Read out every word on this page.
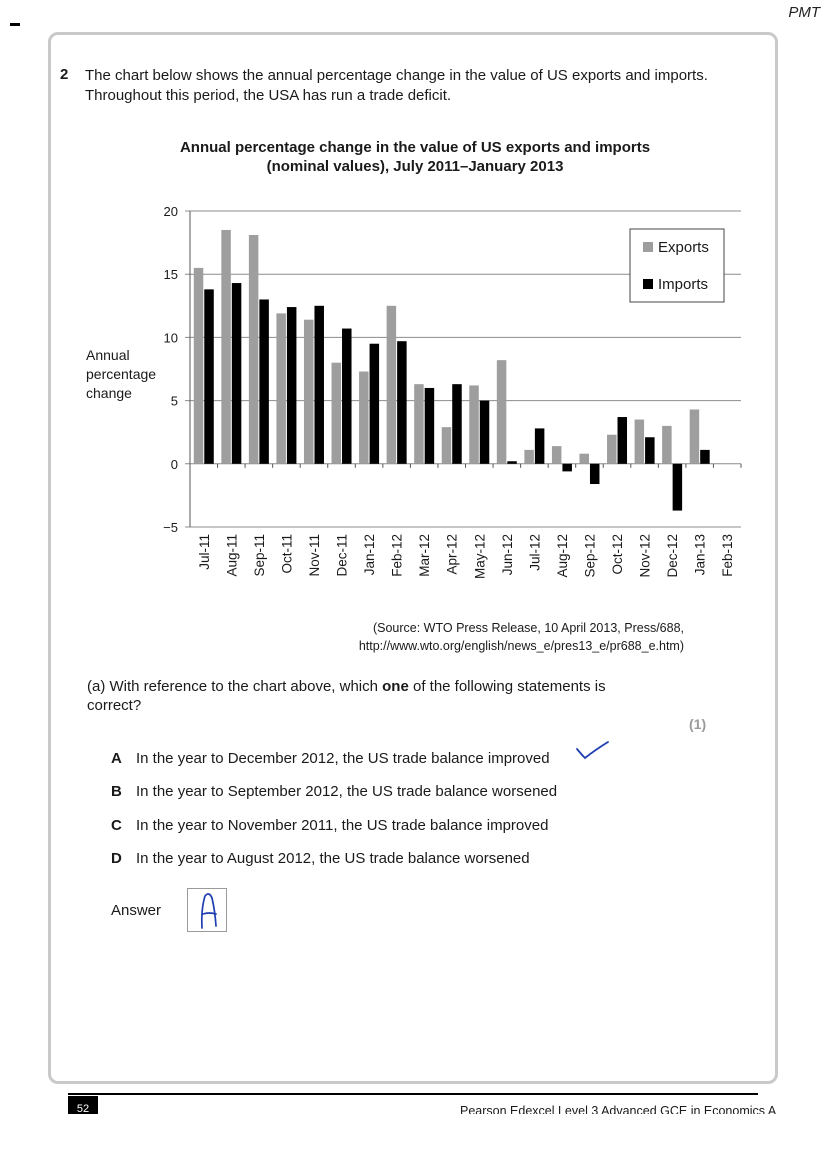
PMT
2 The chart below shows the annual percentage change in the value of US exports and imports. Throughout this period, the USA has run a trade deficit.
Annual percentage change in the value of US exports and imports
(nominal values), July 2011–January 2013
Annual
percentage
change
20
15
10
5
0
−5
Jul-11 Aug-11 Sep-11 Oct-11 Nov-11 Dec-11 Jan-12 Feb-12 Mar-12 Apr-12 May-12 Jun-12 Jul-12 Aug-12 Sep-12 Oct-12 Nov-12 Dec-12 Jan-13 Feb-13
Exports
Imports
(Source: WTO Press Release, 10 April 2013, Press/688,
http://www.wto.org/english/news_e/pres13_e/pr688_e.htm)
(a) With reference to the chart above, which one of the following statements is correct?
(1)
A In the year to December 2012, the US trade balance improved
B In the year to September 2012, the US trade balance worsened
C In the year to November 2011, the US trade balance improved
D In the year to August 2012, the US trade balance worsened
Answer
52	Pearson Edexcel Level 3 Advanced GCE in Economics A
